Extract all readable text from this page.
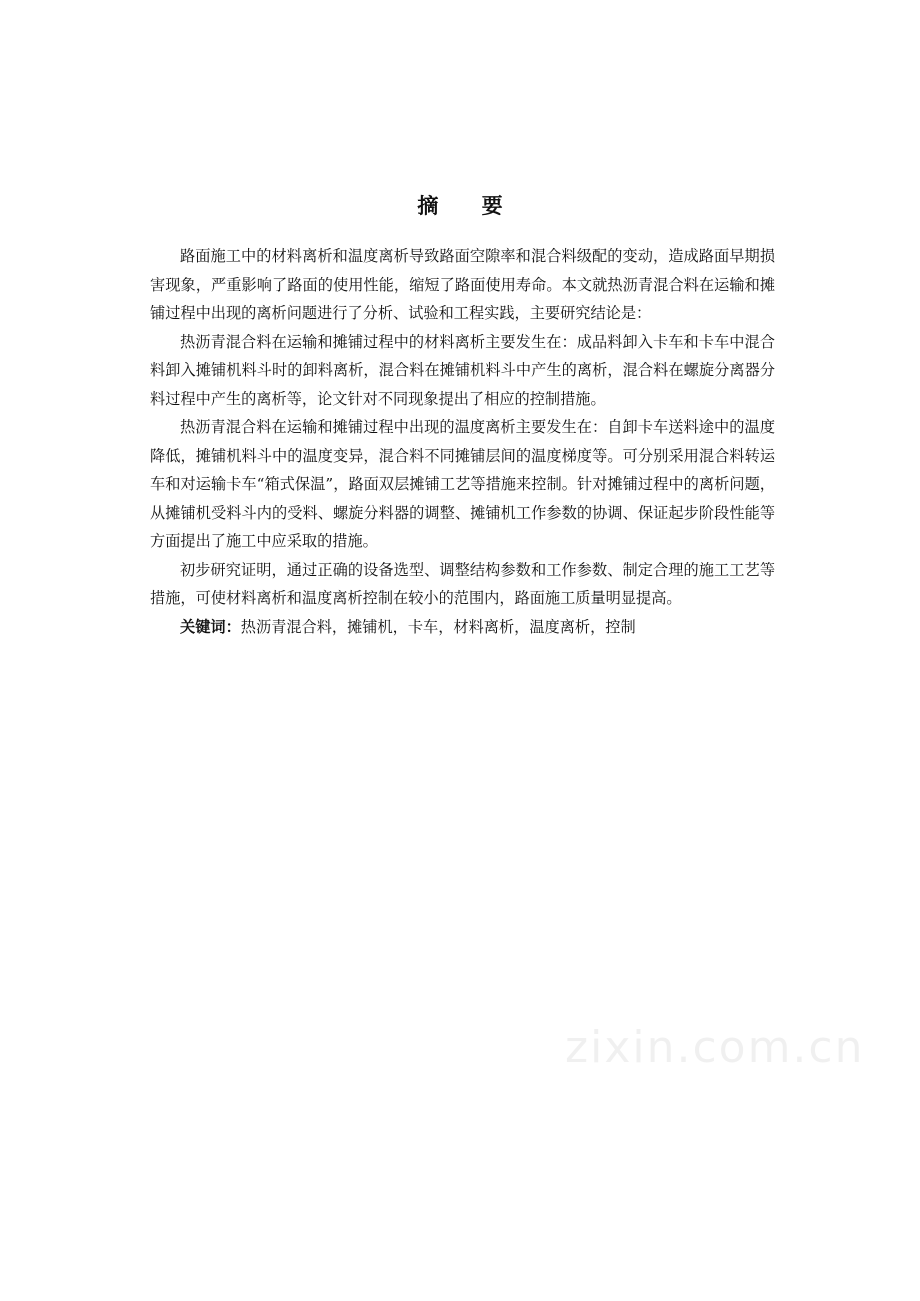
摘 要

路面施工中的材料离析和温度离析导致路面空隙率和混合料级配的变动，造成路面早期损害现象，严重影响了路面的使用性能，缩短了路面使用寿命。本文就热沥青混合料在运输和摊铺过程中出现的离析问题进行了分析、试验和工程实践，主要研究结论是：

热沥青混合料在运输和摊铺过程中的材料离析主要发生在：成品料卸入卡车和卡车中混合料卸入摊铺机料斗时的卸料离析，混合料在摊铺机料斗中产生的离析，混合料在螺旋分离器分料过程中产生的离析等，论文针对不同现象提出了相应的控制措施。

热沥青混合料在运输和摊铺过程中出现的温度离析主要发生在：自卸卡车送料途中的温度降低，摊铺机料斗中的温度变异，混合料不同摊铺层间的温度梯度等。可分别采用混合料转运车和对运输卡车“箱式保温”，路面双层摊铺工艺等措施来控制。针对摊铺过程中的离析问题，从摊铺机受料斗内的受料、螺旋分料器的调整、摊铺机工作参数的协调、保证起步阶段性能等方面提出了施工中应采取的措施。

初步研究证明，通过正确的设备选型、调整结构参数和工作参数、制定合理的施工工艺等措施，可使材料离析和温度离析控制在较小的范围内，路面施工质量明显提高。

关键词：热沥青混合料，摊铺机，卡车，材料离析，温度离析，控制

zixin.com.cn
